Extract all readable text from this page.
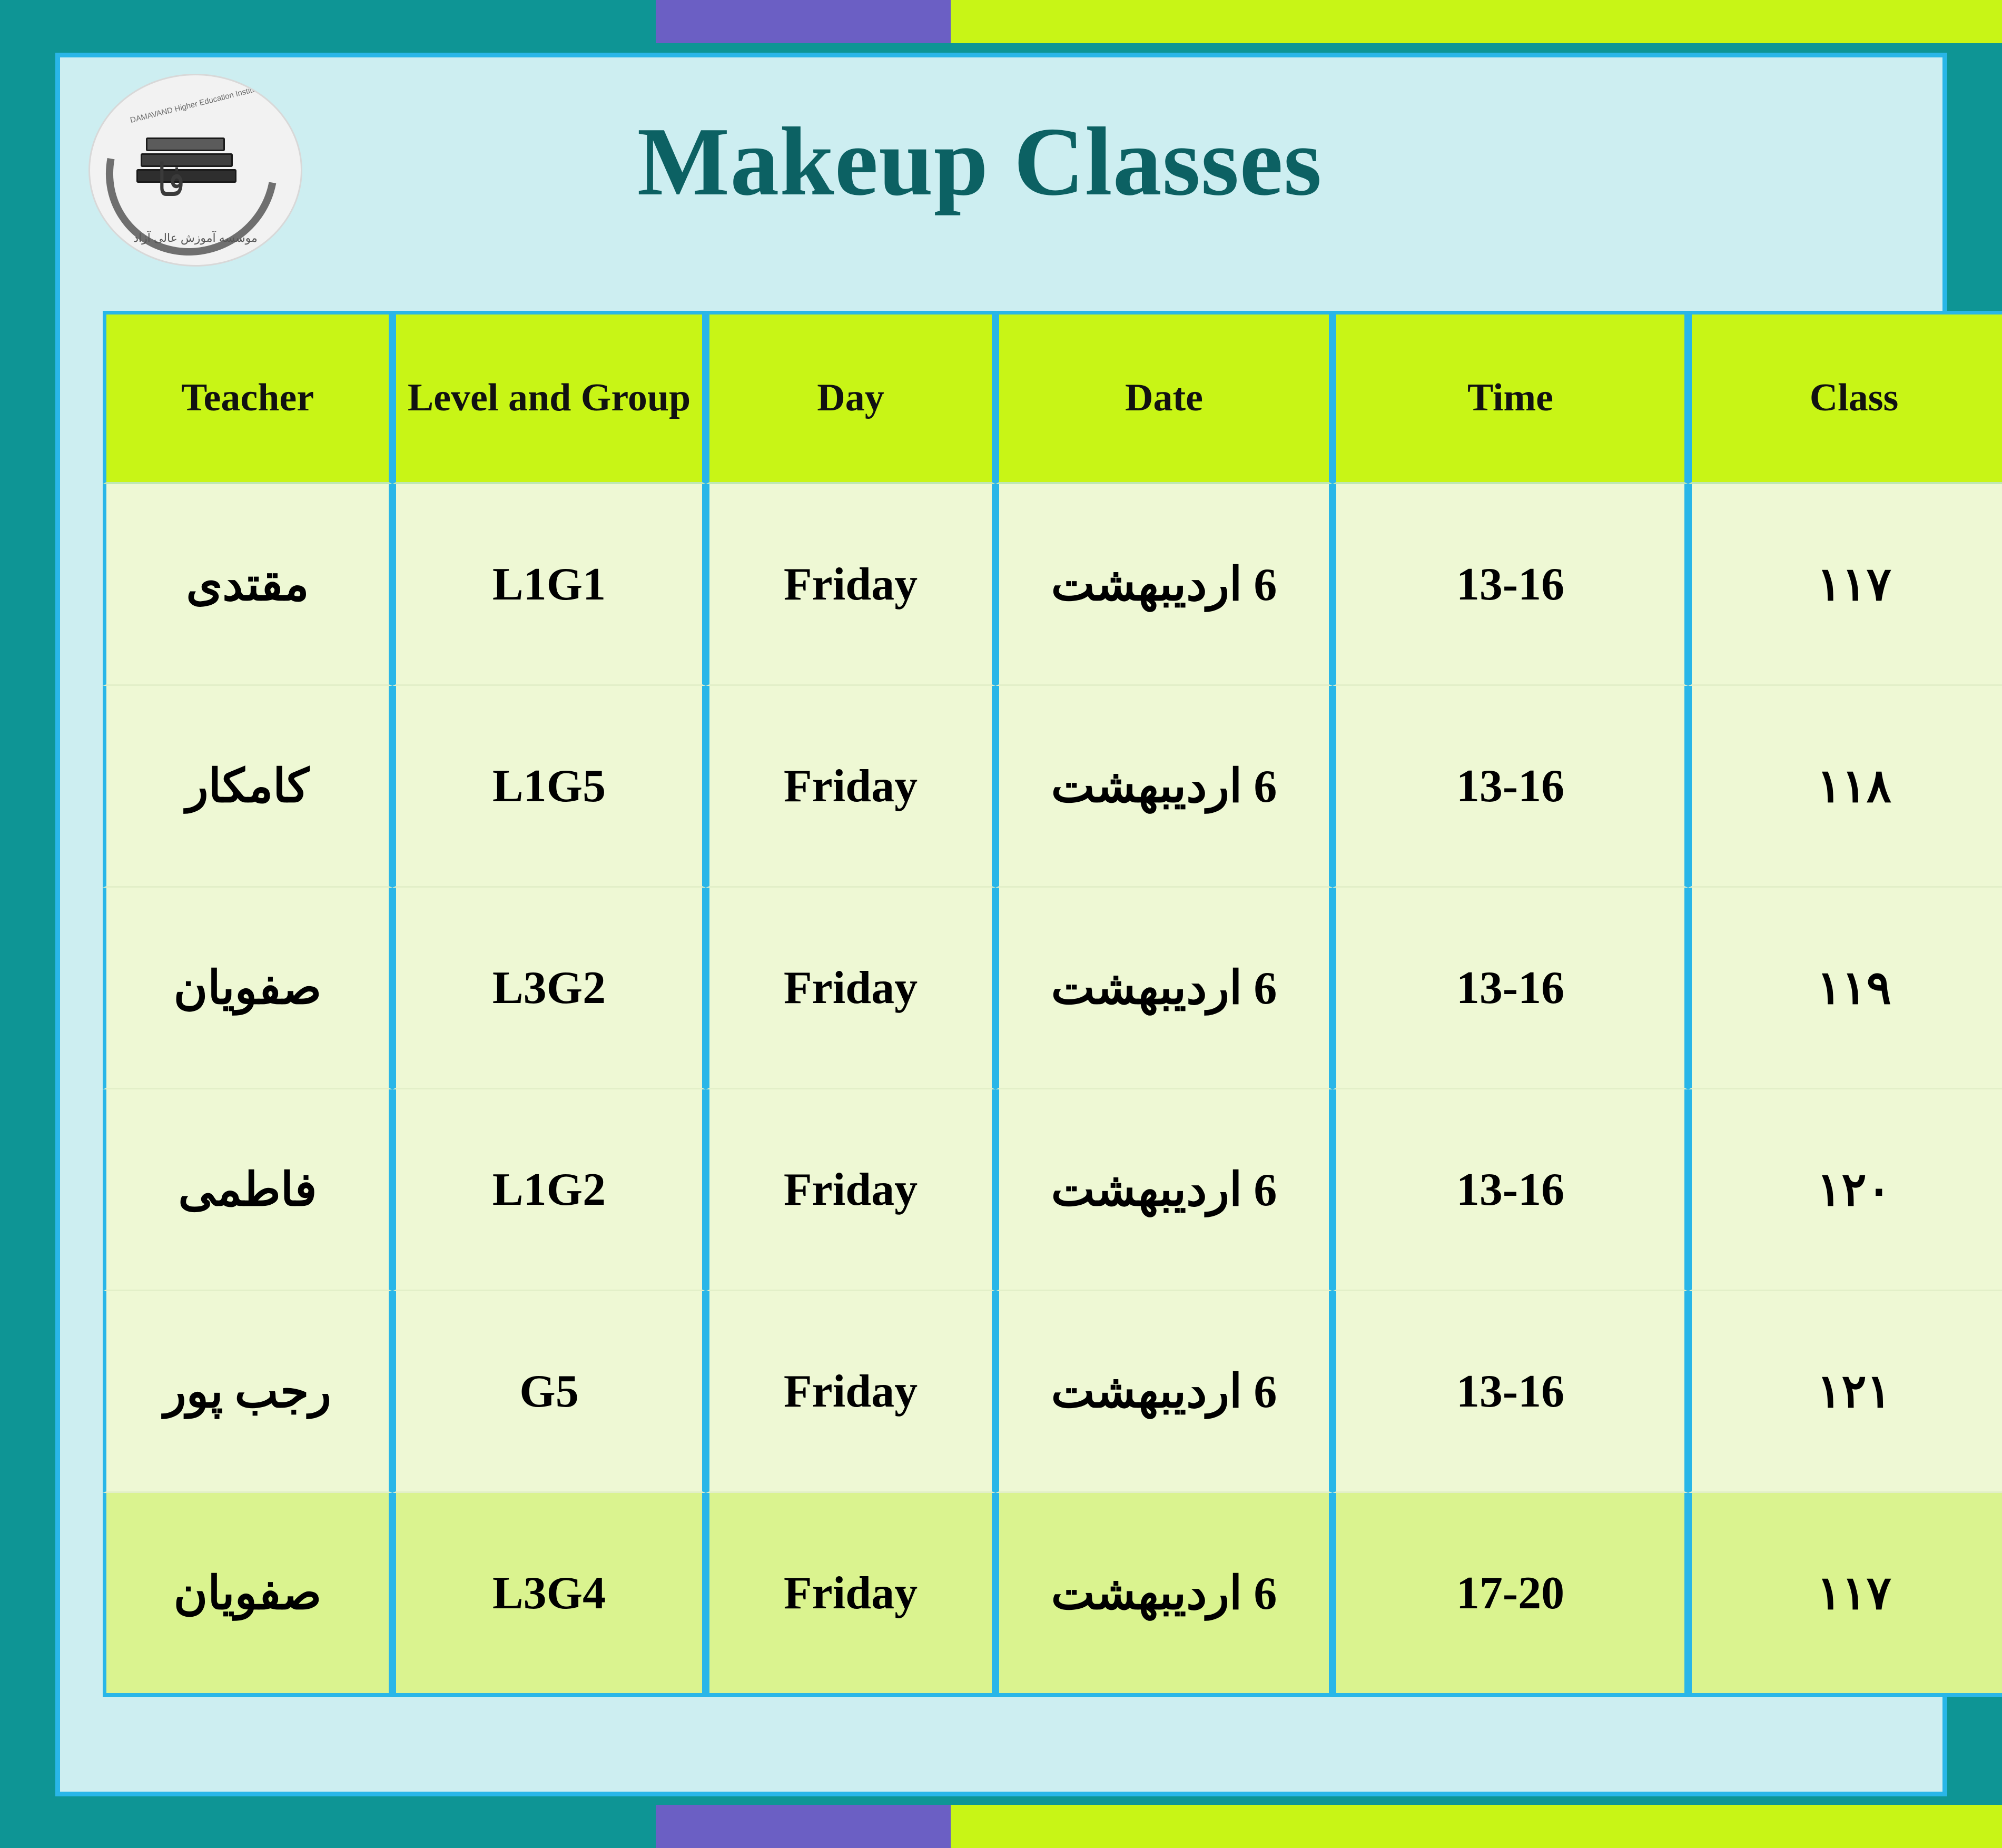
DAMAVAND Higher Education Institute
فا
موسسه آموزش عالی آزاد
Makeup Classes
Teacher	Level and Group	Day	Date	Time	Class
مقتدی	L1G1	Friday	6 اردیبهشت	13-16	۱۱۷
کامکار	L1G5	Friday	6 اردیبهشت	13-16	۱۱۸
صفویان	L3G2	Friday	6 اردیبهشت	13-16	۱۱۹
فاطمی	L1G2	Friday	6 اردیبهشت	13-16	۱۲۰
رجب پور	G5	Friday	6 اردیبهشت	13-16	۱۲۱
صفویان	L3G4	Friday	6 اردیبهشت	17-20	۱۱۷
